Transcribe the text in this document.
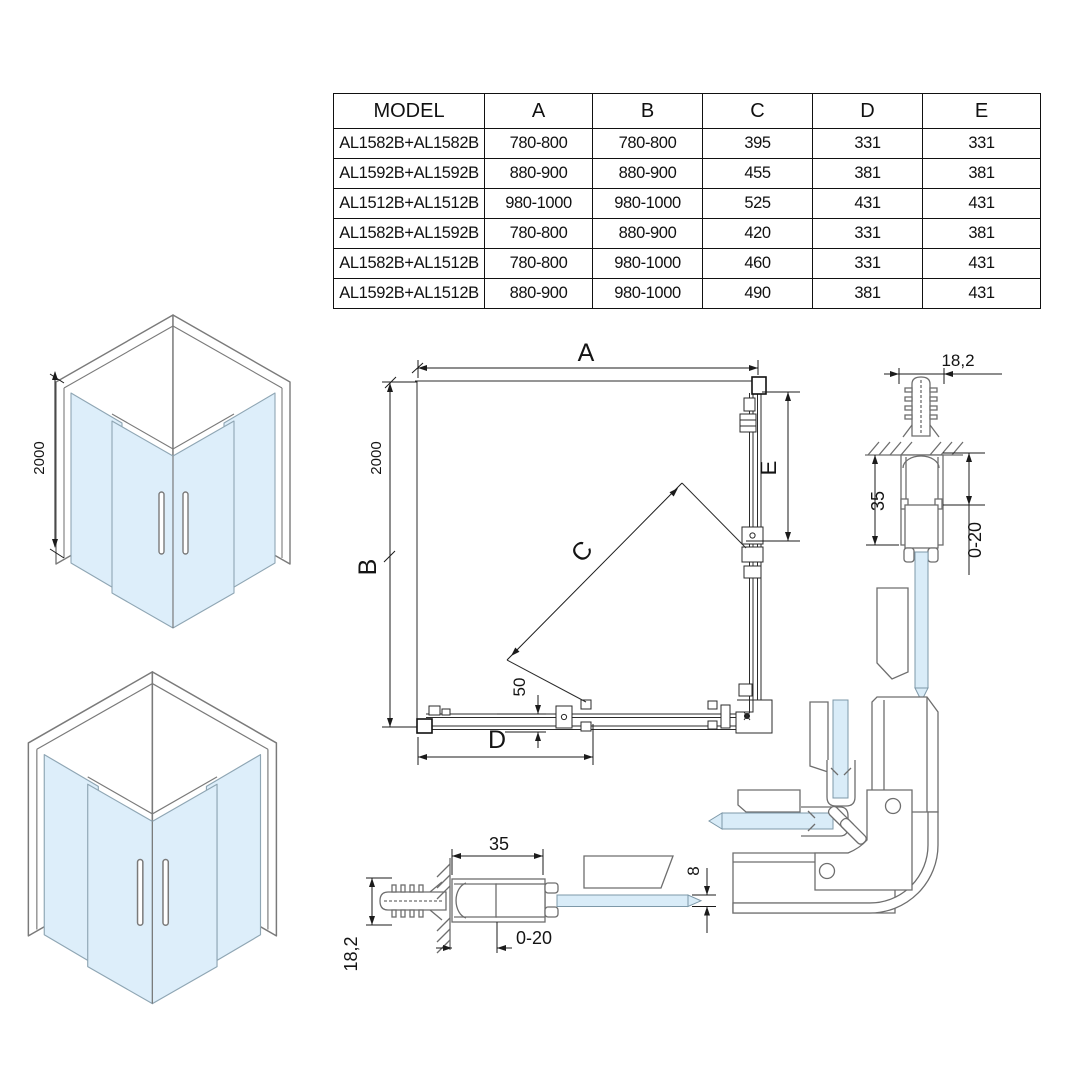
2000
A
2000
B
E
C
D
50
18,2
35
0-20
35
18,2	0-20
8
MODEL	A	B	C	D	E
AL1582B+AL1582B	780-800	780-800	395	331	331
AL1592B+AL1592B	880-900	880-900	455	381	381
AL1512B+AL1512B	980-1000	980-1000	525	431	431
AL1582B+AL1592B	780-800	880-900	420	331	381
AL1582B+AL1512B	780-800	980-1000	460	331	431
AL1592B+AL1512B	880-900	980-1000	490	381	431
